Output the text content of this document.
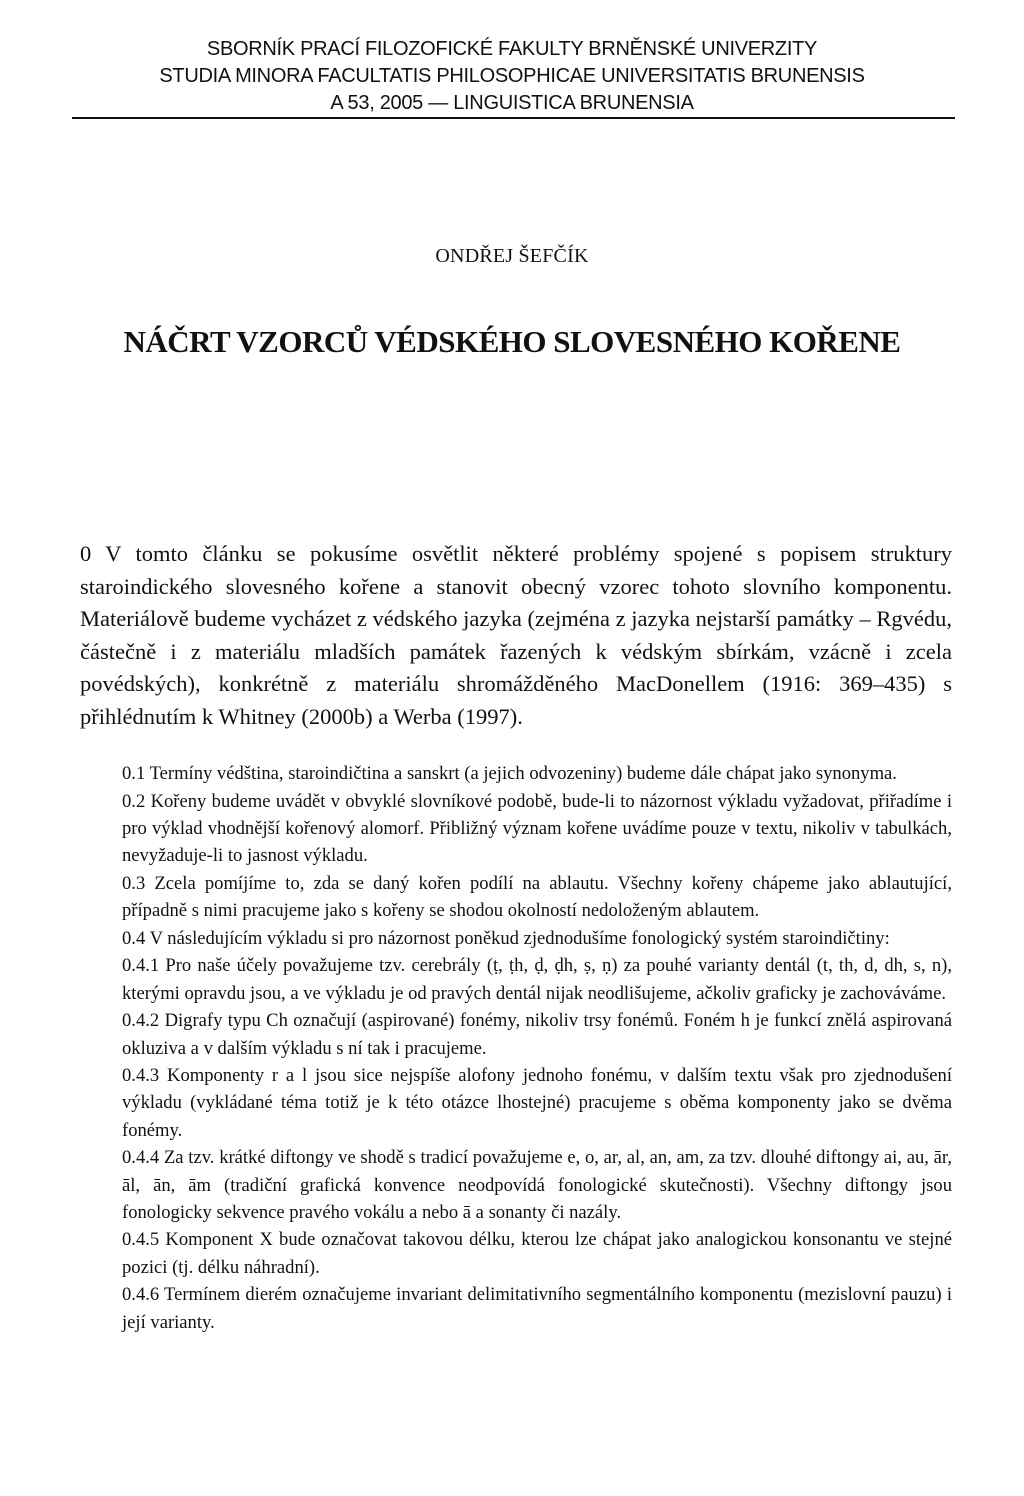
SBORNÍK PRACÍ FILOZOFICKÉ FAKULTY BRNĚNSKÉ UNIVERZITY
STUDIA MINORA FACULTATIS PHILOSOPHICAE UNIVERSITATIS BRUNENSIS
A 53, 2005 — LINGUISTICA BRUNENSIA
ONDŘEJ ŠEFČÍK
NÁČRT VZORCŮ VÉDSKÉHO SLOVESNÉHO KOŘENE

0 V tomto článku se pokusíme osvětlit některé problémy spojené s popisem struktury staroindického slovesného kořene a stanovit obecný vzorec tohoto slovního komponentu. Materiálově budeme vycházet z védského jazyka (zejména z jazyka nejstarší památky – Rgvédu, částečně i z materiálu mladších památek řazených k védským sbírkám, vzácně i zcela povédských), konkrétně z materiálu shromážděného MacDonellem (1916: 369–435) s přihlédnutím k Whitney (2000b) a Werba (1997).

0.1 Termíny védština, staroindičtina a sanskrt (a jejich odvozeniny) budeme dále chápat jako synonyma.

0.2 Kořeny budeme uvádět v obvyklé slovníkové podobě, bude-li to názornost výkladu vyžadovat, přiřadíme i pro výklad vhodnější kořenový alomorf. Přibližný význam kořene uvádíme pouze v textu, nikoliv v tabulkách, nevyžaduje-li to jasnost výkladu.

0.3 Zcela pomíjíme to, zda se daný kořen podílí na ablautu. Všechny kořeny chápeme jako ablautující, případně s nimi pracujeme jako s kořeny se shodou okolností nedoloženým ablautem.

0.4 V následujícím výkladu si pro názornost poněkud zjednodušíme fonologický systém staroindičtiny:

0.4.1 Pro naše účely považujeme tzv. cerebrály (ṭ, ṭh, ḍ, ḍh, ṣ, ṇ) za pouhé varianty dentál (t, th, d, dh, s, n), kterými opravdu jsou, a ve výkladu je od pravých dentál nijak neodlišujeme, ačkoliv graficky je zachováváme.

0.4.2 Digrafy typu Ch označují (aspirované) fonémy, nikoliv trsy fonémů. Foném h je funkcí znělá aspirovaná okluziva a v dalším výkladu s ní tak i pracujeme.

0.4.3 Komponenty r a l jsou sice nejspíše alofony jednoho fonému, v dalším textu však pro zjednodušení výkladu (vykládané téma totiž je k této otázce lhostejné) pracujeme s oběma komponenty jako se dvěma fonémy.

0.4.4 Za tzv. krátké diftongy ve shodě s tradicí považujeme e, o, ar, al, an, am, za tzv. dlouhé diftongy ai, au, ār, āl, ān, ām (tradiční grafická konvence neodpovídá fonologické skutečnosti). Všechny diftongy jsou fonologicky sekvence pravého vokálu a nebo ā a sonanty či nazály.

0.4.5 Komponent X bude označovat takovou délku, kterou lze chápat jako analogickou konsonantu ve stejné pozici (tj. délku náhradní).

0.4.6 Termínem dierém označujeme invariant delimitativního segmentálního komponentu (mezislovní pauzu) i její varianty.
